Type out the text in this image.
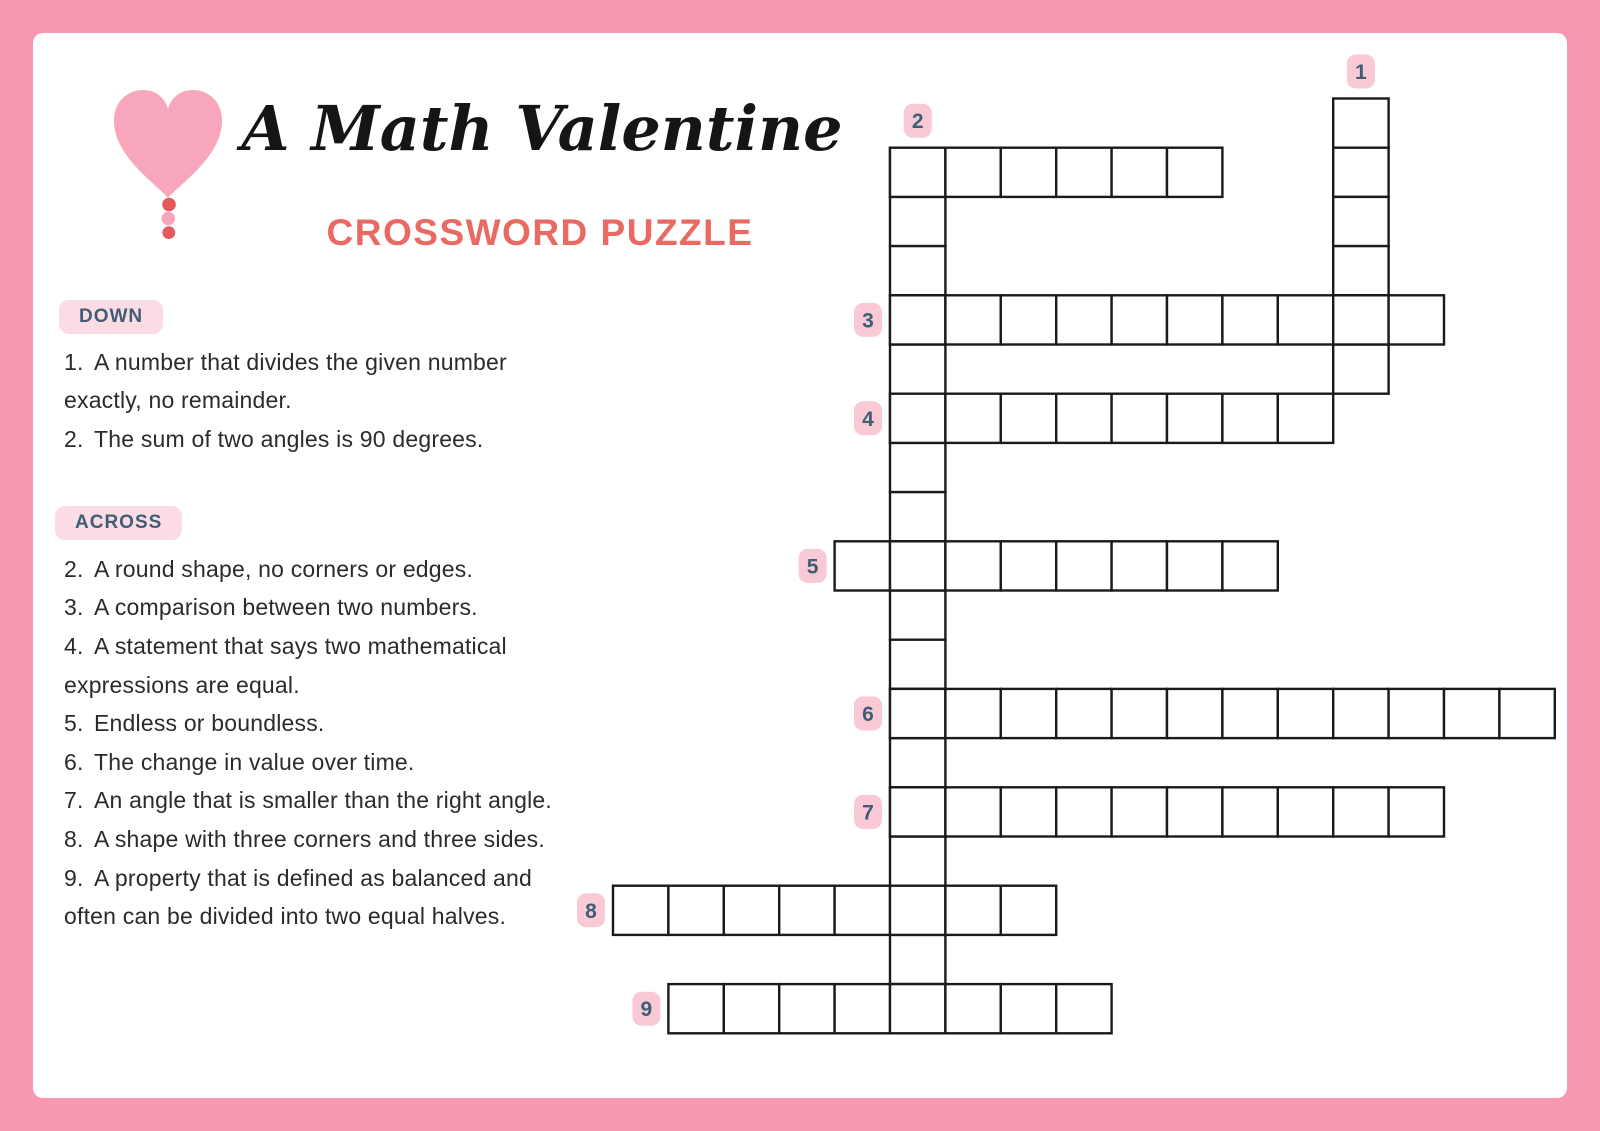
A Math Valentine
CROSSWORD PUZZLE
DOWN
1. A number that divides the given number
exactly, no remainder.
2. The sum of two angles is 90 degrees.
ACROSS
2. A round shape, no corners or edges.
3. A comparison between two numbers.
4. A statement that says two mathematical
expressions are equal.
5. Endless or boundless.
6. The change in value over time.
7. An angle that is smaller than the right angle.
8. A shape with three corners and three sides.
9. A property that is defined as balanced and
often can be divided into two equal halves.
1
2
3
4
5
6
7
8
9
